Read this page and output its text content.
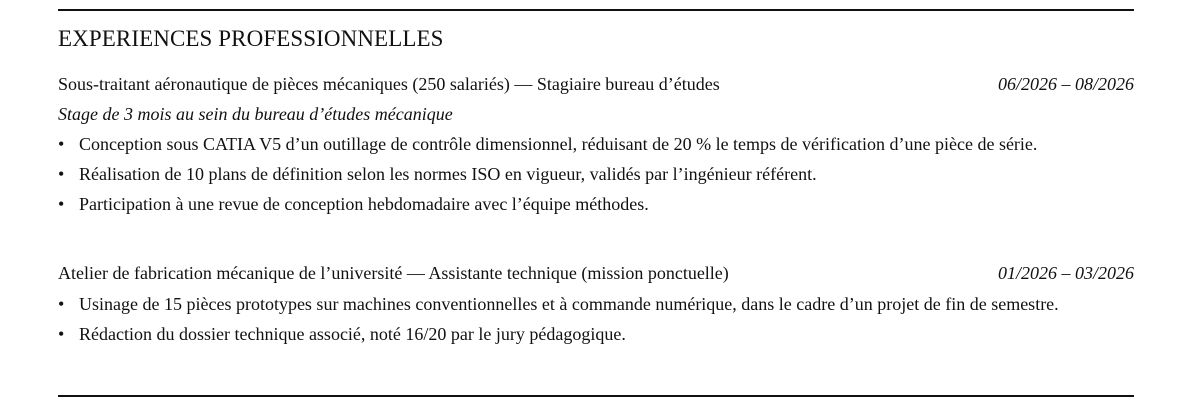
EXPERIENCES PROFESSIONNELLES
Sous-traitant aéronautique de pièces mécaniques (250 salariés) — Stagiaire bureau d’études	06/2026 – 08/2026
Stage de 3 mois au sein du bureau d’études mécanique
• Conception sous CATIA V5 d’un outillage de contrôle dimensionnel, réduisant de 20 % le temps de vérification d’une pièce de série.
• Réalisation de 10 plans de définition selon les normes ISO en vigueur, validés par l’ingénieur référent.
• Participation à une revue de conception hebdomadaire avec l’équipe méthodes.
Atelier de fabrication mécanique de l’université — Assistante technique (mission ponctuelle)	01/2026 – 03/2026
• Usinage de 15 pièces prototypes sur machines conventionnelles et à commande numérique, dans le cadre d’un projet de fin de semestre.
• Rédaction du dossier technique associé, noté 16/20 par le jury pédagogique.
